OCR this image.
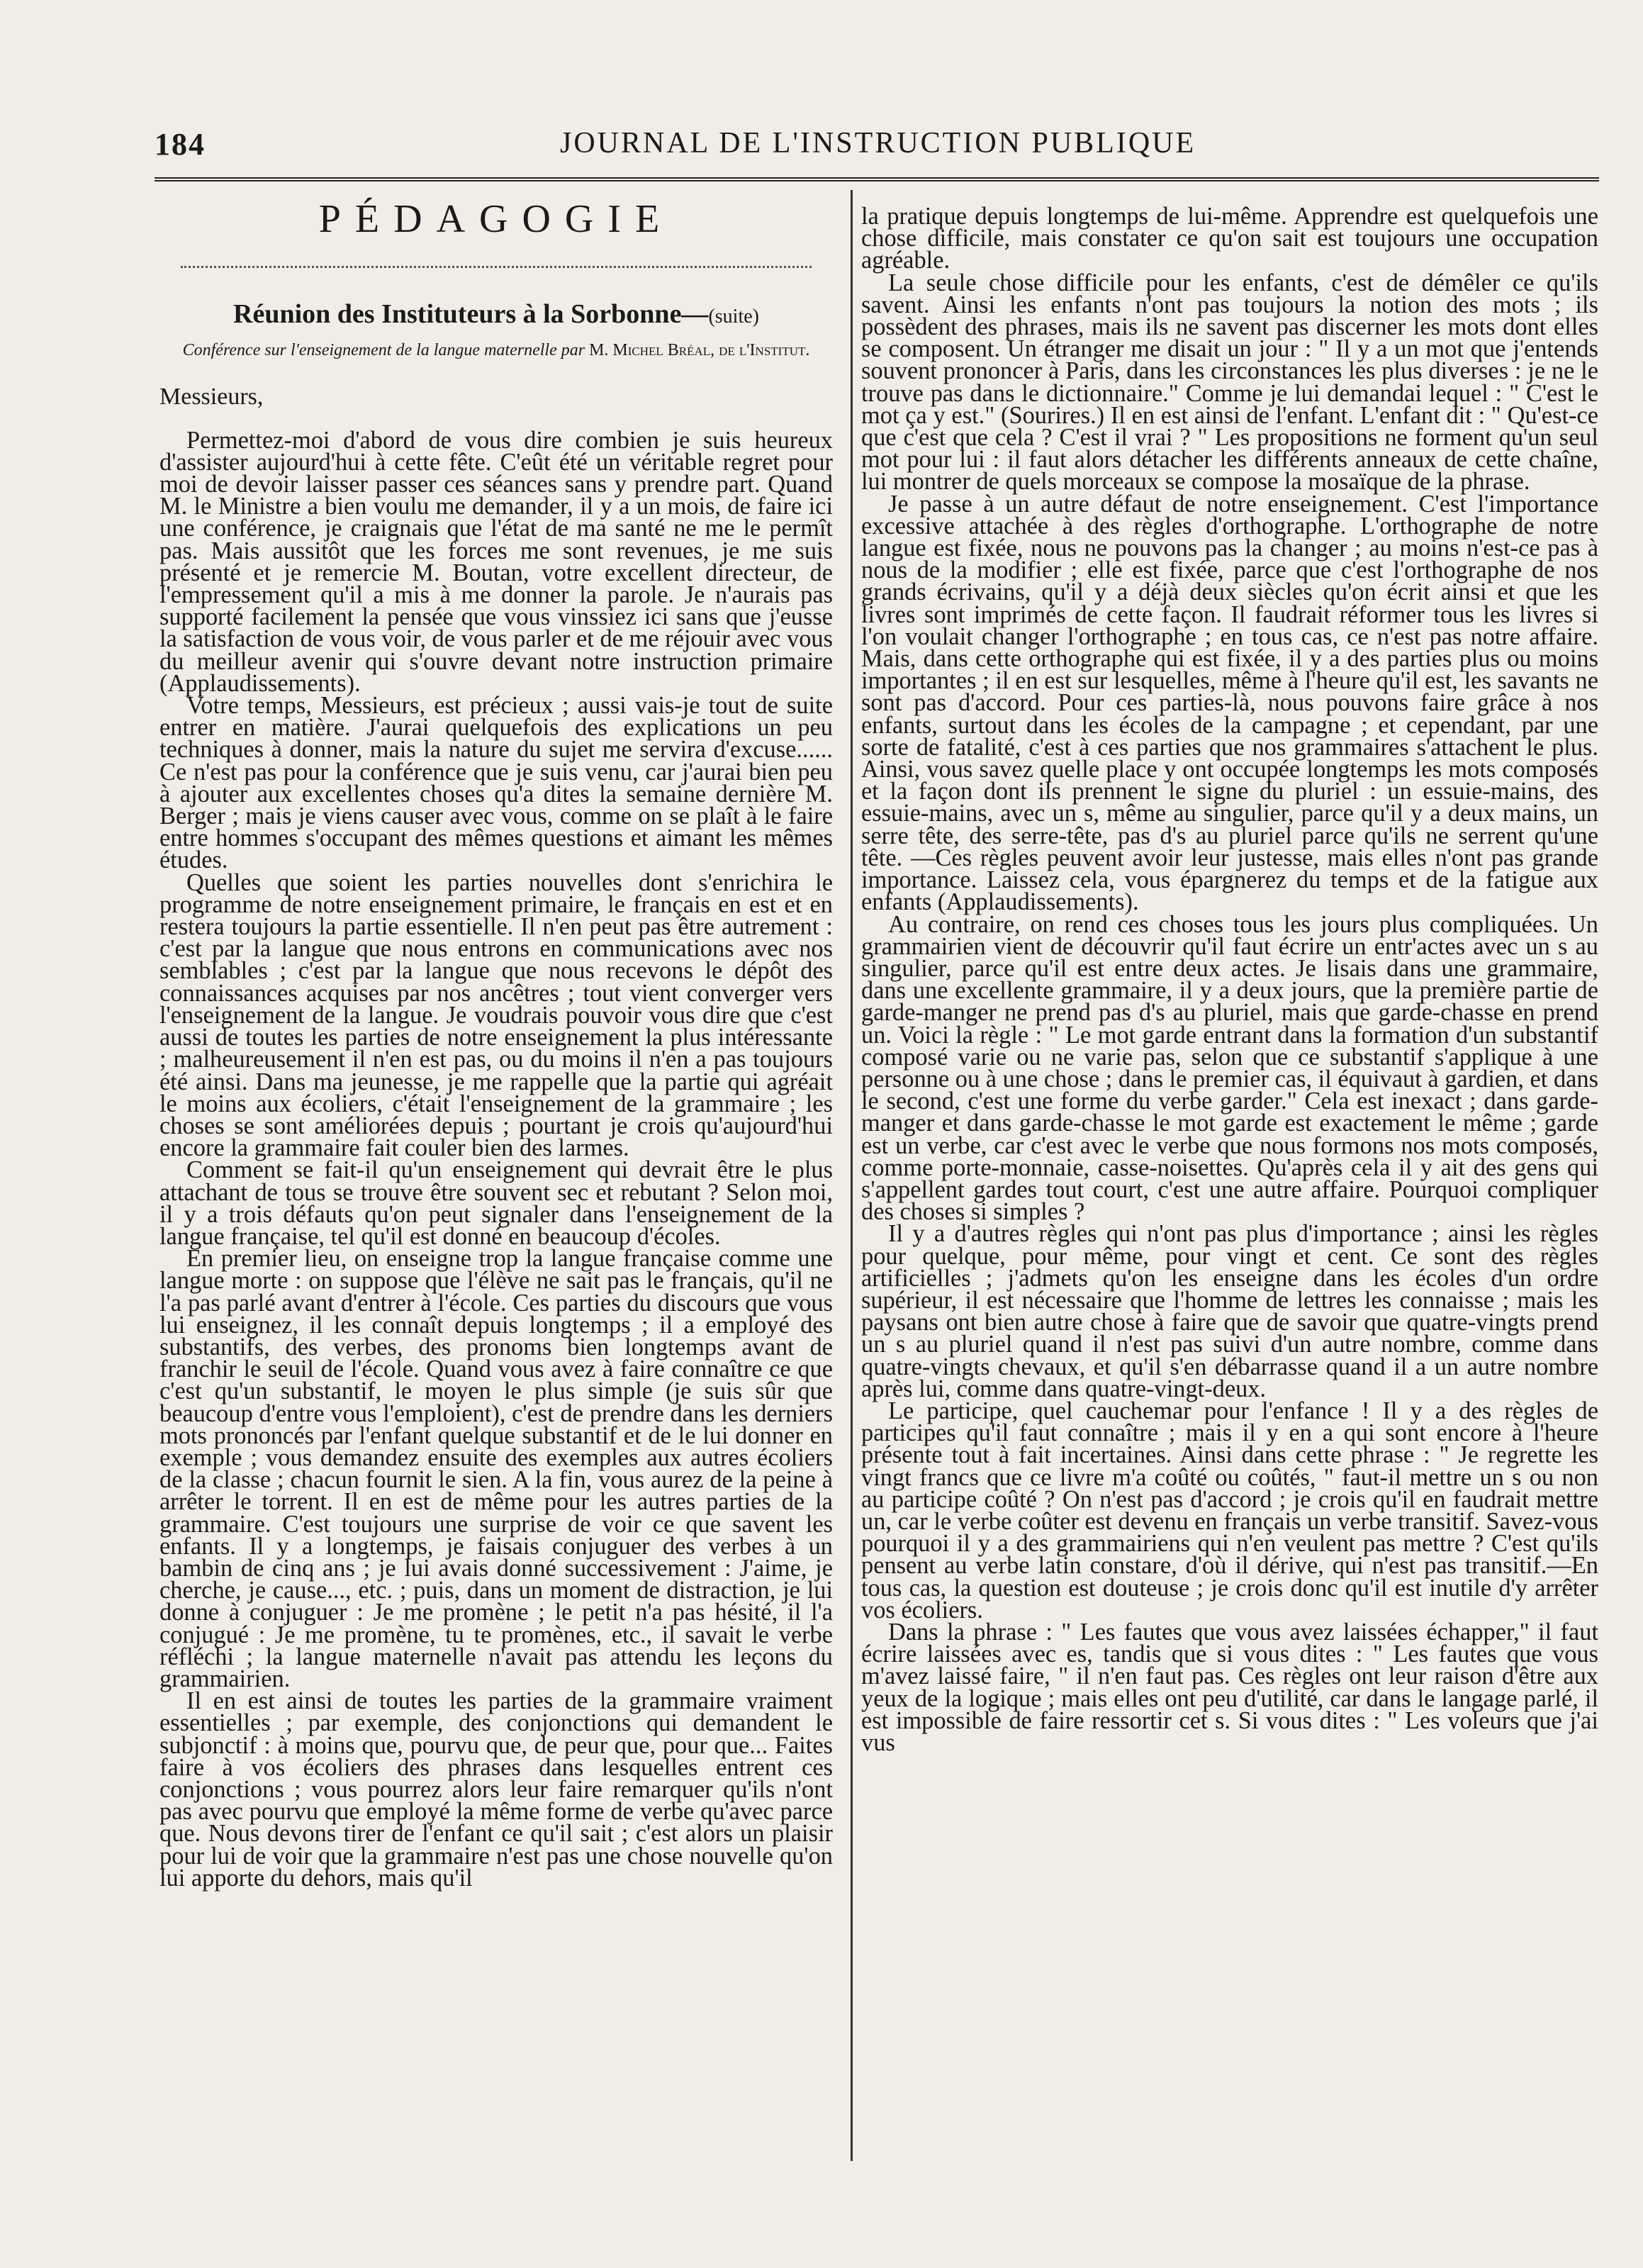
184	JOURNAL DE L'INSTRUCTION PUBLIQUE
PÉDAGOGIE
Réunion des Instituteurs à la Sorbonne—(suite)
Conférence sur l'enseignement de la langue maternelle par M. Michel Bréal, de l'Institut.
Messieurs,

Permettez-moi d'abord de vous dire combien je suis heureux d'assister aujourd'hui à cette fête. C'eût été un véritable regret pour moi de devoir laisser passer ces séances sans y prendre part. Quand M. le Ministre a bien voulu me demander, il y a un mois, de faire ici une conférence, je craignais que l'état de ma santé ne me le permît pas. Mais aussitôt que les forces me sont revenues, je me suis présenté et je remercie M. Boutan, votre excellent directeur, de l'empressement qu'il a mis à me donner la parole. Je n'aurais pas supporté facilement la pensée que vous vinssiez ici sans que j'eusse la satisfaction de vous voir, de vous parler et de me réjouir avec vous du meilleur avenir qui s'ouvre devant notre instruction primaire (Applaudissements).

Votre temps, Messieurs, est précieux ; aussi vais-je tout de suite entrer en matière. J'aurai quelquefois des explications un peu techniques à donner, mais la nature du sujet me servira d'excuse...... Ce n'est pas pour la conférence que je suis venu, car j'aurai bien peu à ajouter aux excellentes choses qu'a dites la semaine dernière M. Berger ; mais je viens causer avec vous, comme on se plaît à le faire entre hommes s'occupant des mêmes questions et aimant les mêmes études.

Quelles que soient les parties nouvelles dont s'enrichira le programme de notre enseignement primaire, le français en est et en restera toujours la partie essentielle. Il n'en peut pas être autrement : c'est par la langue que nous entrons en communications avec nos semblables ; c'est par la langue que nous recevons le dépôt des connaissances acquises par nos ancêtres ; tout vient converger vers l'enseignement de la langue. Je voudrais pouvoir vous dire que c'est aussi de toutes les parties de notre enseignement la plus intéressante ; malheureusement il n'en est pas, ou du moins il n'en a pas toujours été ainsi. Dans ma jeunesse, je me rappelle que la partie qui agréait le moins aux écoliers, c'était l'enseignement de la grammaire ; les choses se sont améliorées depuis ; pourtant je crois qu'aujourd'hui encore la grammaire fait couler bien des larmes.

Comment se fait-il qu'un enseignement qui devrait être le plus attachant de tous se trouve être souvent sec et rebutant ? Selon moi, il y a trois défauts qu'on peut signaler dans l'enseignement de la langue française, tel qu'il est donné en beaucoup d'écoles.

En premier lieu, on enseigne trop la langue française comme une langue morte : on suppose que l'élève ne sait pas le français, qu'il ne l'a pas parlé avant d'entrer à l'école. Ces parties du discours que vous lui enseignez, il les connaît depuis longtemps ; il a employé des substantifs, des verbes, des pronoms bien longtemps avant de franchir le seuil de l'école. Quand vous avez à faire connaître ce que c'est qu'un substantif, le moyen le plus simple (je suis sûr que beaucoup d'entre vous l'emploient), c'est de prendre dans les derniers mots prononcés par l'enfant quelque substantif et de le lui donner en exemple ; vous demandez ensuite des exemples aux autres écoliers de la classe ; chacun fournit le sien. A la fin, vous aurez de la peine à arrêter le torrent. Il en est de même pour les autres parties de la grammaire. C'est toujours une surprise de voir ce que savent les enfants. Il y a longtemps, je faisais conjuguer des verbes à un bambin de cinq ans ; je lui avais donné successivement : J'aime, je cherche, je cause..., etc. ; puis, dans un moment de distraction, je lui donne à conjuguer : Je me promène ; le petit n'a pas hésité, il l'a conjugué : Je me promène, tu te promènes, etc., il savait le verbe réfléchi ; la langue maternelle n'avait pas attendu les leçons du grammairien.

Il en est ainsi de toutes les parties de la grammaire vraiment essentielles ; par exemple, des conjonctions qui demandent le subjonctif : à moins que, pourvu que, de peur que, pour que... Faites faire à vos écoliers des phrases dans lesquelles entrent ces conjonctions ; vous pourrez alors leur faire remarquer qu'ils n'ont pas avec pourvu que employé la même forme de verbe qu'avec parce que. Nous devons tirer de l'enfant ce qu'il sait ; c'est alors un plaisir pour lui de voir que la grammaire n'est pas une chose nouvelle qu'on lui apporte du dehors, mais qu'il

la pratique depuis longtemps de lui-même. Apprendre est quelquefois une chose difficile, mais constater ce qu'on sait est toujours une occupation agréable.

La seule chose difficile pour les enfants, c'est de démêler ce qu'ils savent. Ainsi les enfants n'ont pas toujours la notion des mots ; ils possèdent des phrases, mais ils ne savent pas discerner les mots dont elles se composent. Un étranger me disait un jour : " Il y a un mot que j'entends souvent prononcer à Paris, dans les circonstances les plus diverses : je ne le trouve pas dans le dictionnaire." Comme je lui demandai lequel : " C'est le mot ça y est." (Sourires.) Il en est ainsi de l'enfant. L'enfant dit : " Qu'est-ce que c'est que cela ? C'est il vrai ? " Les propositions ne forment qu'un seul mot pour lui : il faut alors détacher les différents anneaux de cette chaîne, lui montrer de quels morceaux se compose la mosaïque de la phrase.

Je passe à un autre défaut de notre enseignement. C'est l'importance excessive attachée à des règles d'orthographe. L'orthographe de notre langue est fixée, nous ne pouvons pas la changer ; au moins n'est-ce pas à nous de la modifier ; elle est fixée, parce que c'est l'orthographe de nos grands écrivains, qu'il y a déjà deux siècles qu'on écrit ainsi et que les livres sont imprimés de cette façon. Il faudrait réformer tous les livres si l'on voulait changer l'orthographe ; en tous cas, ce n'est pas notre affaire. Mais, dans cette orthographe qui est fixée, il y a des parties plus ou moins importantes ; il en est sur lesquelles, même à l'heure qu'il est, les savants ne sont pas d'accord. Pour ces parties-là, nous pouvons faire grâce à nos enfants, surtout dans les écoles de la campagne ; et cependant, par une sorte de fatalité, c'est à ces parties que nos grammaires s'attachent le plus. Ainsi, vous savez quelle place y ont occupée longtemps les mots composés et la façon dont ils prennent le signe du pluriel : un essuie-mains, des essuie-mains, avec un s, même au singulier, parce qu'il y a deux mains, un serre tête, des serre-tête, pas d's au pluriel parce qu'ils ne serrent qu'une tête. —Ces règles peuvent avoir leur justesse, mais elles n'ont pas grande importance. Laissez cela, vous épargnerez du temps et de la fatigue aux enfants (Applaudissements).

Au contraire, on rend ces choses tous les jours plus compliquées. Un grammairien vient de découvrir qu'il faut écrire un entr'actes avec un s au singulier, parce qu'il est entre deux actes. Je lisais dans une grammaire, dans une excellente grammaire, il y a deux jours, que la première partie de garde-manger ne prend pas d's au pluriel, mais que garde-chasse en prend un. Voici la règle : " Le mot garde entrant dans la formation d'un substantif composé varie ou ne varie pas, selon que ce substantif s'applique à une personne ou à une chose ; dans le premier cas, il équivaut à gardien, et dans le second, c'est une forme du verbe garder." Cela est inexact ; dans garde-manger et dans garde-chasse le mot garde est exactement le même ; garde est un verbe, car c'est avec le verbe que nous formons nos mots composés, comme porte-monnaie, casse-noisettes. Qu'après cela il y ait des gens qui s'appellent gardes tout court, c'est une autre affaire. Pourquoi compliquer des choses si simples ?

Il y a d'autres règles qui n'ont pas plus d'importance ; ainsi les règles pour quelque, pour même, pour vingt et cent. Ce sont des règles artificielles ; j'admets qu'on les enseigne dans les écoles d'un ordre supérieur, il est nécessaire que l'homme de lettres les connaisse ; mais les paysans ont bien autre chose à faire que de savoir que quatre-vingts prend un s au pluriel quand il n'est pas suivi d'un autre nombre, comme dans quatre-vingts chevaux, et qu'il s'en débarrasse quand il a un autre nombre après lui, comme dans quatre-vingt-deux.

Le participe, quel cauchemar pour l'enfance ! Il y a des règles de participes qu'il faut connaître ; mais il y en a qui sont encore à l'heure présente tout à fait incertaines. Ainsi dans cette phrase : " Je regrette les vingt francs que ce livre m'a coûté ou coûtés, " faut-il mettre un s ou non au participe coûté ? On n'est pas d'accord ; je crois qu'il en faudrait mettre un, car le verbe coûter est devenu en français un verbe transitif. Savez-vous pourquoi il y a des grammairiens qui n'en veulent pas mettre ? C'est qu'ils pensent au verbe latin constare, d'où il dérive, qui n'est pas transitif.—En tous cas, la question est douteuse ; je crois donc qu'il est inutile d'y arrêter vos écoliers.

Dans la phrase : " Les fautes que vous avez laissées échapper," il faut écrire laissées avec es, tandis que si vous dites : " Les fautes que vous m'avez laissé faire, " il n'en faut pas. Ces règles ont leur raison d'être aux yeux de la logique ; mais elles ont peu d'utilité, car dans le langage parlé, il est impossible de faire ressortir cet s. Si vous dites : " Les voleurs que j'ai vus
